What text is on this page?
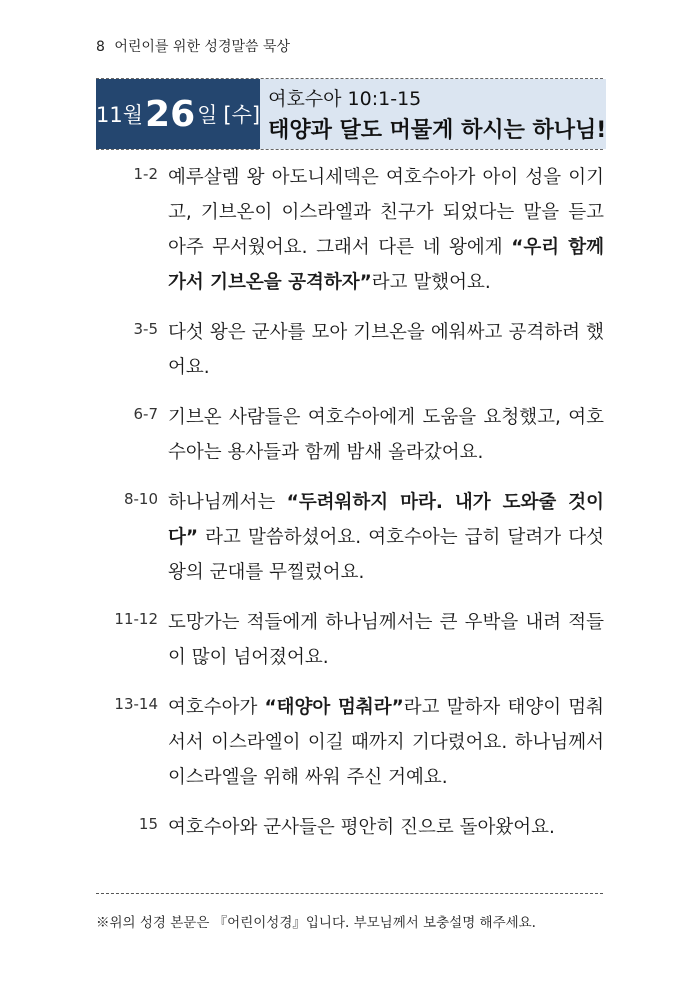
8 어린이를 위한 성경말씀 묵상
11월 26 일 [수]
여호수아 10:1-15
태양과 달도 머물게 하시는 하나님!
1-2 예루살렘 왕 아도니세덱은 여호수아가 아이 성을 이기고, 기브온이 이스라엘과 친구가 되었다는 말을 듣고 아주 무서웠어요. 그래서 다른 네 왕에게 “우리 함께 가서 기브온을 공격하자”라고 말했어요.
3-5 다섯 왕은 군사를 모아 기브온을 에워싸고 공격하려 했어요.
6-7 기브온 사람들은 여호수아에게 도움을 요청했고, 여호수아는 용사들과 함께 밤새 올라갔어요.
8-10 하나님께서는 “두려워하지 마라. 내가 도와줄 것이다” 라고 말씀하셨어요. 여호수아는 급히 달려가 다섯 왕의 군대를 무찔렀어요.
11-12 도망가는 적들에게 하나님께서는 큰 우박을 내려 적들이 많이 넘어졌어요.
13-14 여호수아가 “태양아 멈춰라”라고 말하자 태양이 멈춰 서서 이스라엘이 이길 때까지 기다렸어요. 하나님께서 이스라엘을 위해 싸워 주신 거예요.
15 여호수아와 군사들은 평안히 진으로 돌아왔어요.
※위의 성경 본문은 『어린이성경』입니다. 부모님께서 보충설명 해주세요.
